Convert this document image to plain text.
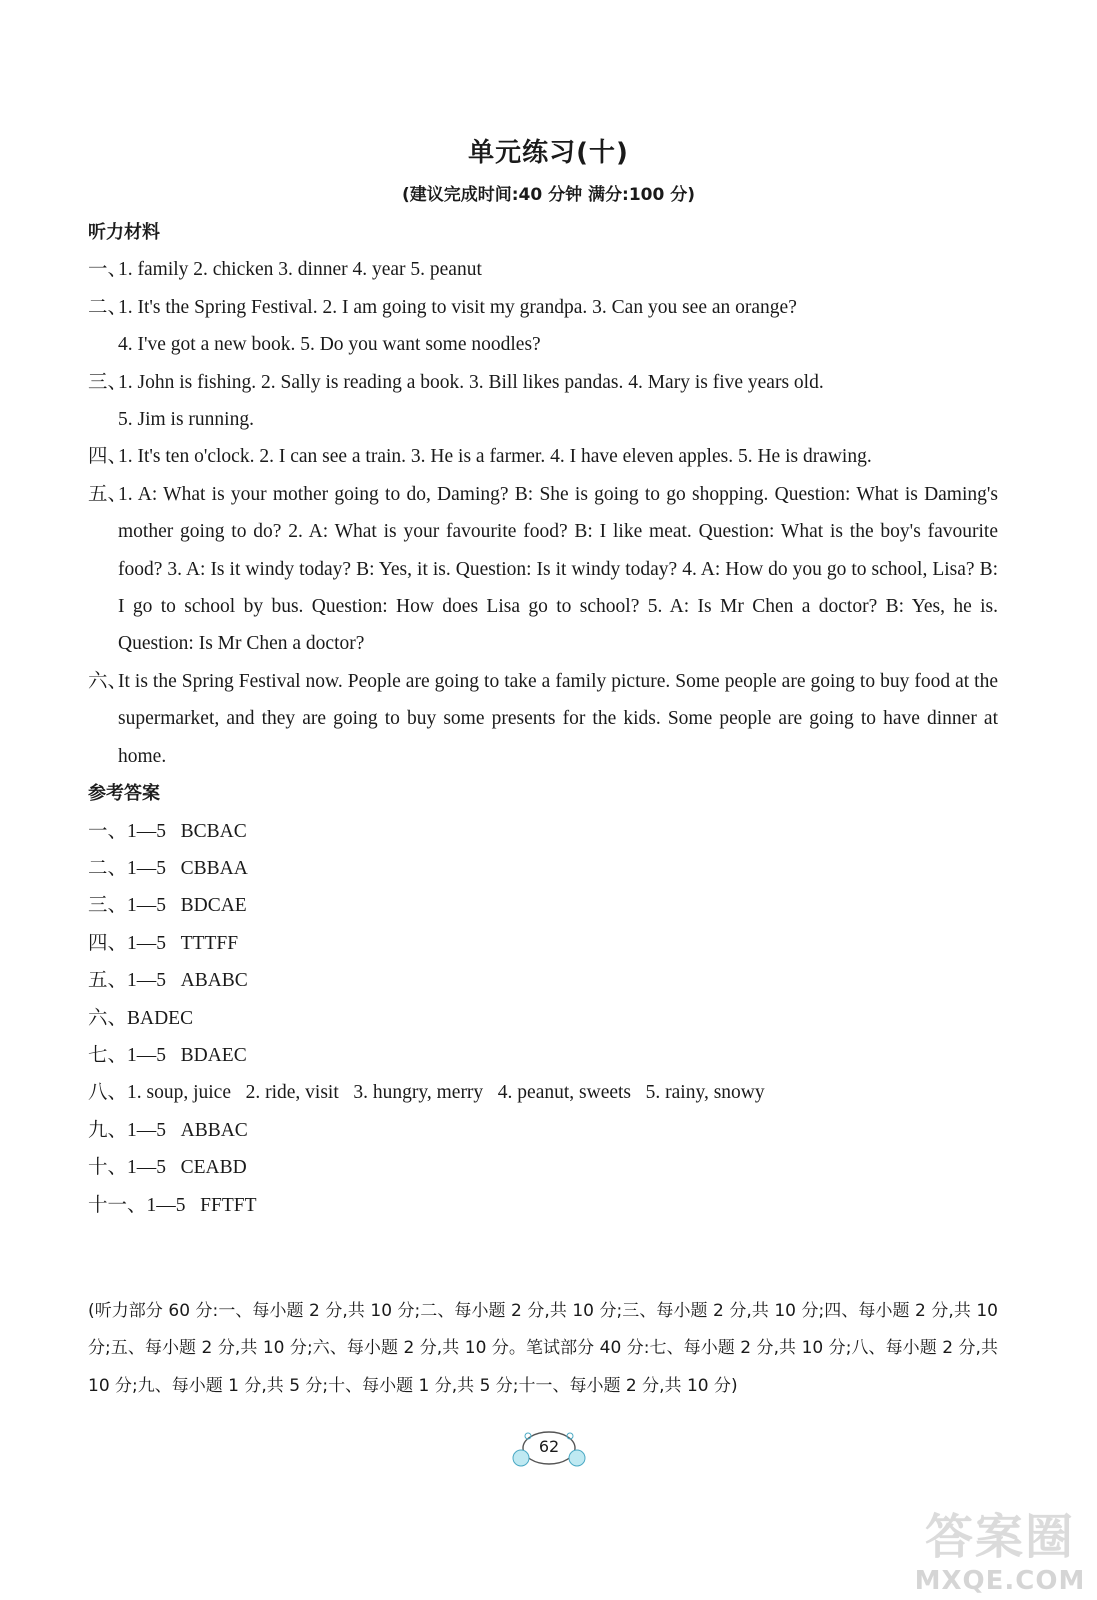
单元练习(十)
(建议完成时间:40 分钟 满分:100 分)
听力材料
一、1. family 2. chicken 3. dinner 4. year 5. peanut
二、1. It's the Spring Festival. 2. I am going to visit my grandpa. 3. Can you see an orange?
4. I've got a new book. 5. Do you want some noodles?
三、1. John is fishing. 2. Sally is reading a book. 3. Bill likes pandas. 4. Mary is five years old.
5. Jim is running.
四、1. It's ten o'clock. 2. I can see a train. 3. He is a farmer. 4. I have eleven apples. 5. He is drawing.
五、1. A: What is your mother going to do, Daming? B: She is going to go shopping. Question: What is Daming's mother going to do? 2. A: What is your favourite food? B: I like meat. Question: What is the boy's favourite food? 3. A: Is it windy today? B: Yes, it is. Question: Is it windy today? 4. A: How do you go to school, Lisa? B: I go to school by bus. Question: How does Lisa go to school? 5. A: Is Mr Chen a doctor? B: Yes, he is. Question: Is Mr Chen a doctor?
六、It is the Spring Festival now. People are going to take a family picture. Some people are going to buy food at the supermarket, and they are going to buy some presents for the kids. Some people are going to have dinner at home.
参考答案
一、1—5   BCBAC
二、1—5   CBBAA
三、1—5   BDCAE
四、1—5   TTTFF
五、1—5   ABABC
六、BADEC
七、1—5   BDAEC
八、1. soup, juice   2. ride, visit   3. hungry, merry   4. peanut, sweets   5. rainy, snowy
九、1—5   ABBAC
十、1—5   CEABD
十一、1—5   FFTFT
(听力部分 60 分:一、每小题 2 分,共 10 分;二、每小题 2 分,共 10 分;三、每小题 2 分,共 10 分;四、每小题 2 分,共 10 分;五、每小题 2 分,共 10 分;六、每小题 2 分,共 10 分。笔试部分 40 分:七、每小题 2 分,共 10 分;八、每小题 2 分,共 10 分;九、每小题 1 分,共 5 分;十、每小题 1 分,共 5 分;十一、每小题 2 分,共 10 分)
62
答案圈
MXQE.COM
